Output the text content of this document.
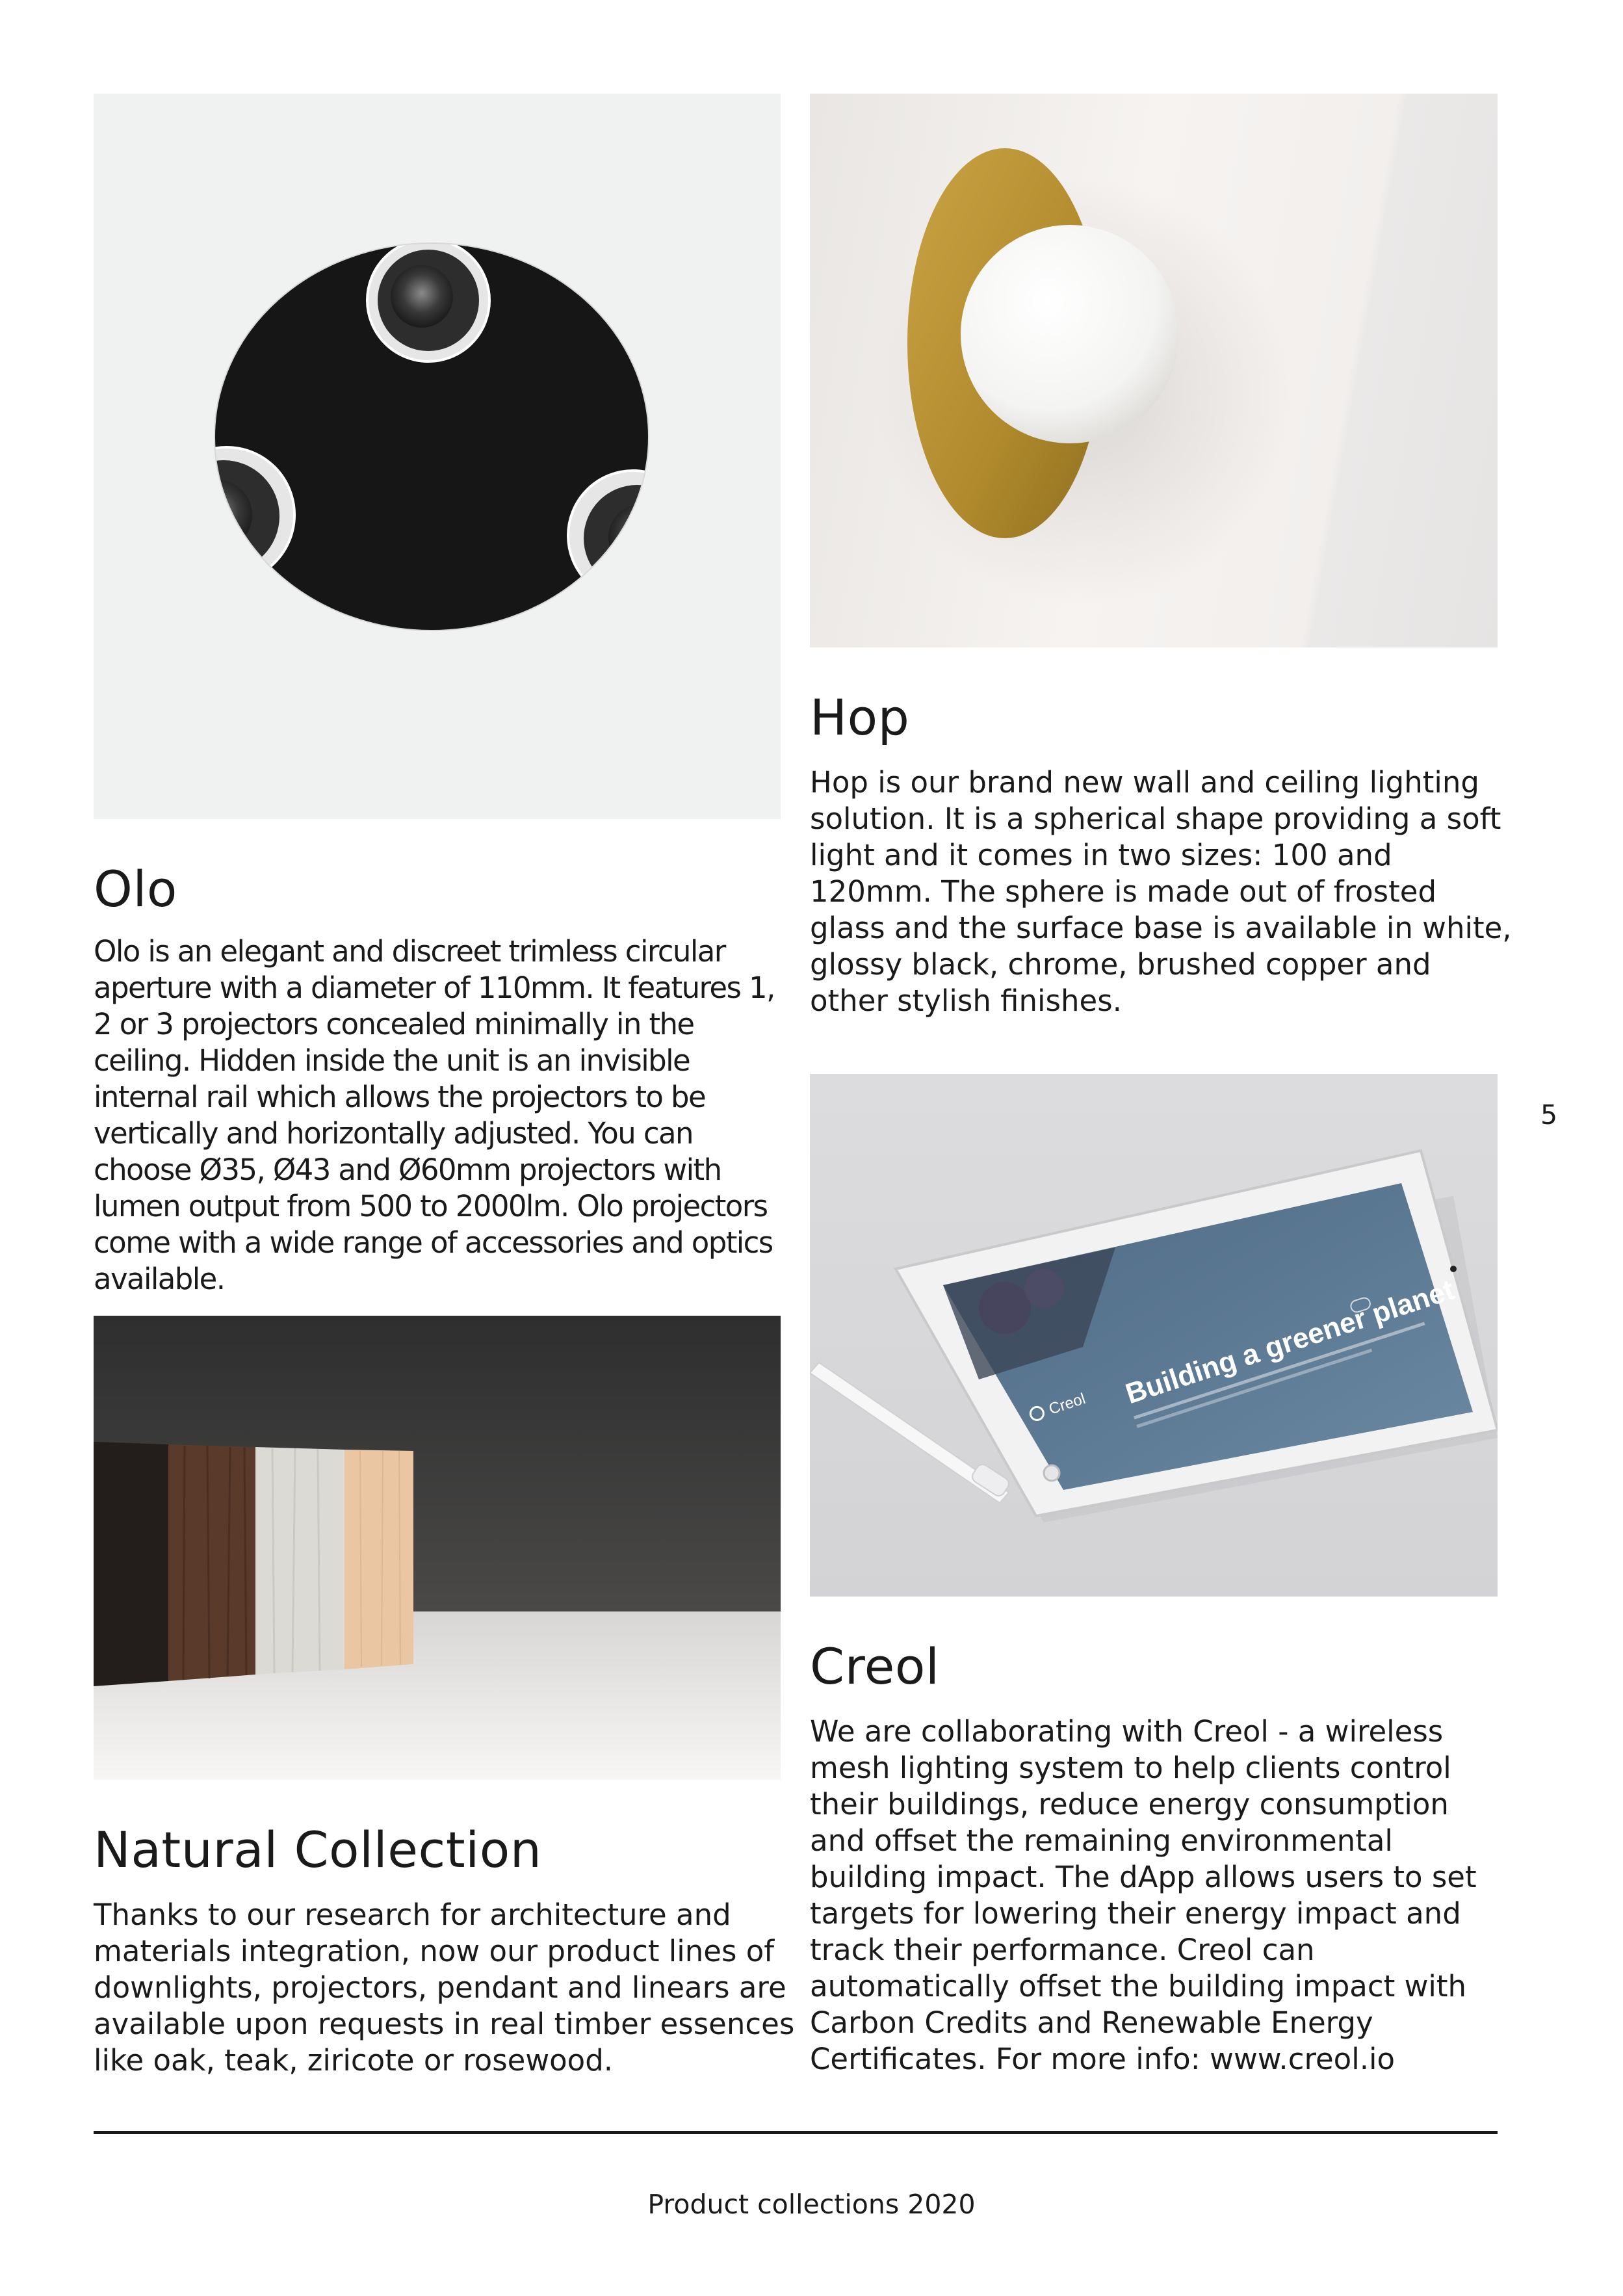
Olo

Olo is an elegant and discreet trimless circular aperture with a diameter of 110mm. It features 1, 2 or 3 projectors concealed minimally in the ceiling. Hidden inside the unit is an invisible internal rail which allows the projectors to be vertically and horizontally adjusted. You can choose Ø35, Ø43 and Ø60mm projectors with lumen output from 500 to 2000lm. Olo projectors come with a wide range of accessories and optics available.

Hop

Hop is our brand new wall and ceiling lighting solution. It is a spherical shape providing a soft light and it comes in two sizes: 100 and 120mm. The sphere is made out of frosted glass and the surface base is available in white, glossy black, chrome, brushed copper and other stylish finishes.

5
Natural Collection

Thanks to our research for architecture and materials integration, now our product lines of downlights, projectors, pendant and linears are available upon requests in real timber essences like oak, teak, ziricote or rosewood.

Creol Building a greener planet
Creol

We are collaborating with Creol - a wireless mesh lighting system to help clients control their buildings, reduce energy consumption and offset the remaining environmental building impact. The dApp allows users to set targets for lowering their energy impact and track their performance. Creol can automatically offset the building impact with Carbon Credits and Renewable Energy Certificates. For more info: www.creol.io

Product collections 2020
